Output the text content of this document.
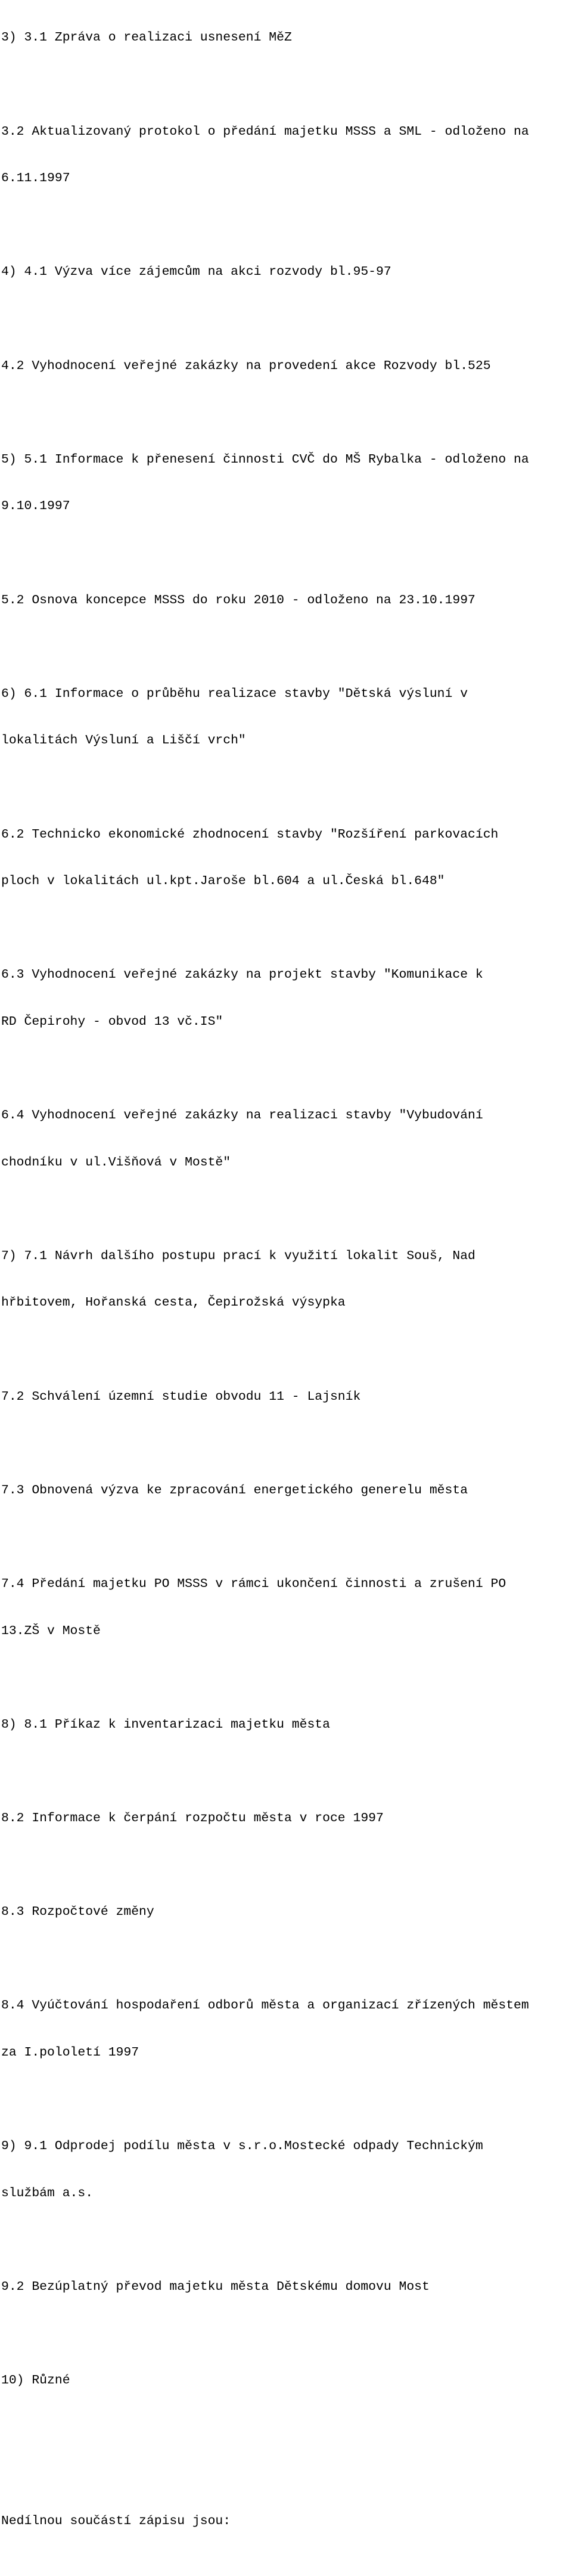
3) 3.1 Zpráva o realizaci usnesení MěZ

3.2 Aktualizovaný protokol o předání majetku MSSS a SML - odloženo na

6.11.1997

4) 4.1 Výzva více zájemcům na akci rozvody bl.95-97

4.2 Vyhodnocení veřejné zakázky na provedení akce Rozvody bl.525

5) 5.1 Informace k přenesení činnosti CVČ do MŠ Rybalka - odloženo na

9.10.1997

5.2 Osnova koncepce MSSS do roku 2010 - odloženo na 23.10.1997

6) 6.1 Informace o průběhu realizace stavby "Dětská výsluní v

lokalitách Výsluní a Liščí vrch"

6.2 Technicko ekonomické zhodnocení stavby "Rozšíření parkovacích

ploch v lokalitách ul.kpt.Jaroše bl.604 a ul.Česká bl.648"

6.3 Vyhodnocení veřejné zakázky na projekt stavby "Komunikace k

RD Čepirohy - obvod 13 vč.IS"

6.4 Vyhodnocení veřejné zakázky na realizaci stavby "Vybudování

chodníku v ul.Višňová v Mostě"

7) 7.1 Návrh dalšího postupu prací k využití lokalit Souš, Nad

hřbitovem, Hořanská cesta, Čepirožská výsypka

7.2 Schválení územní studie obvodu 11 - Lajsník

7.3 Obnovená výzva ke zpracování energetického generelu města

7.4 Předání majetku PO MSSS v rámci ukončení činnosti a zrušení PO

13.ZŠ v Mostě

8) 8.1 Příkaz k inventarizaci majetku města

8.2 Informace k čerpání rozpočtu města v roce 1997

8.3 Rozpočtové změny

8.4 Vyúčtování hospodaření odborů města a organizací zřízených městem

za I.pololetí 1997

9) 9.1 Odprodej podílu města v s.r.o.Mostecké odpady Technickým

službám a.s.

9.2 Bezúplatný převod majetku města Dětskému domovu Most

10) Různé

Nedílnou součástí zápisu jsou:
